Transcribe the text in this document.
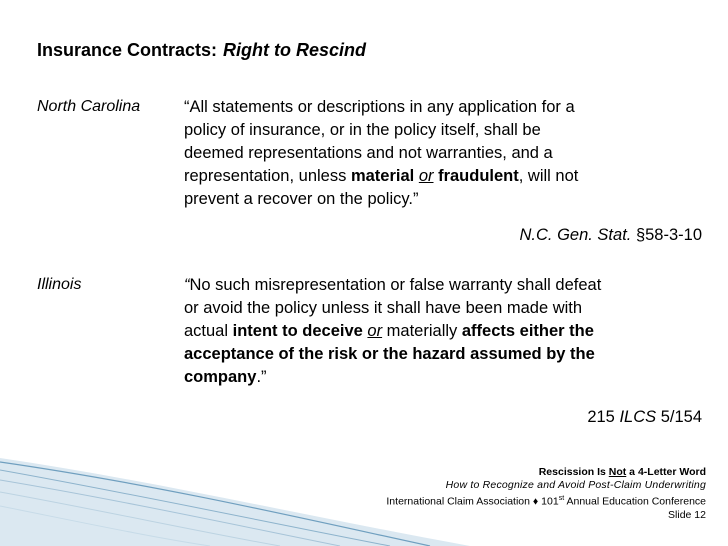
Insurance Contracts: Right to Rescind
North Carolina	“All statements or descriptions in any application for a
policy of insurance, or in the policy itself, shall be
deemed representations and not warranties, and a
representation, unless material or fraudulent, will not
prevent a recover on the policy.”
N.C. Gen. Stat. §58-3-10
Illinois	“No such misrepresentation or false warranty shall defeat
or avoid the policy unless it shall have been made with
actual intent to deceive or materially affects either the
acceptance of the risk or the hazard assumed by the
company.”
215 ILCS 5/154
Rescission Is Not a 4-Letter Word
How to Recognize and Avoid Post-Claim Underwriting
International Claim Association ♦ 101st Annual Education Conference
Slide 12
